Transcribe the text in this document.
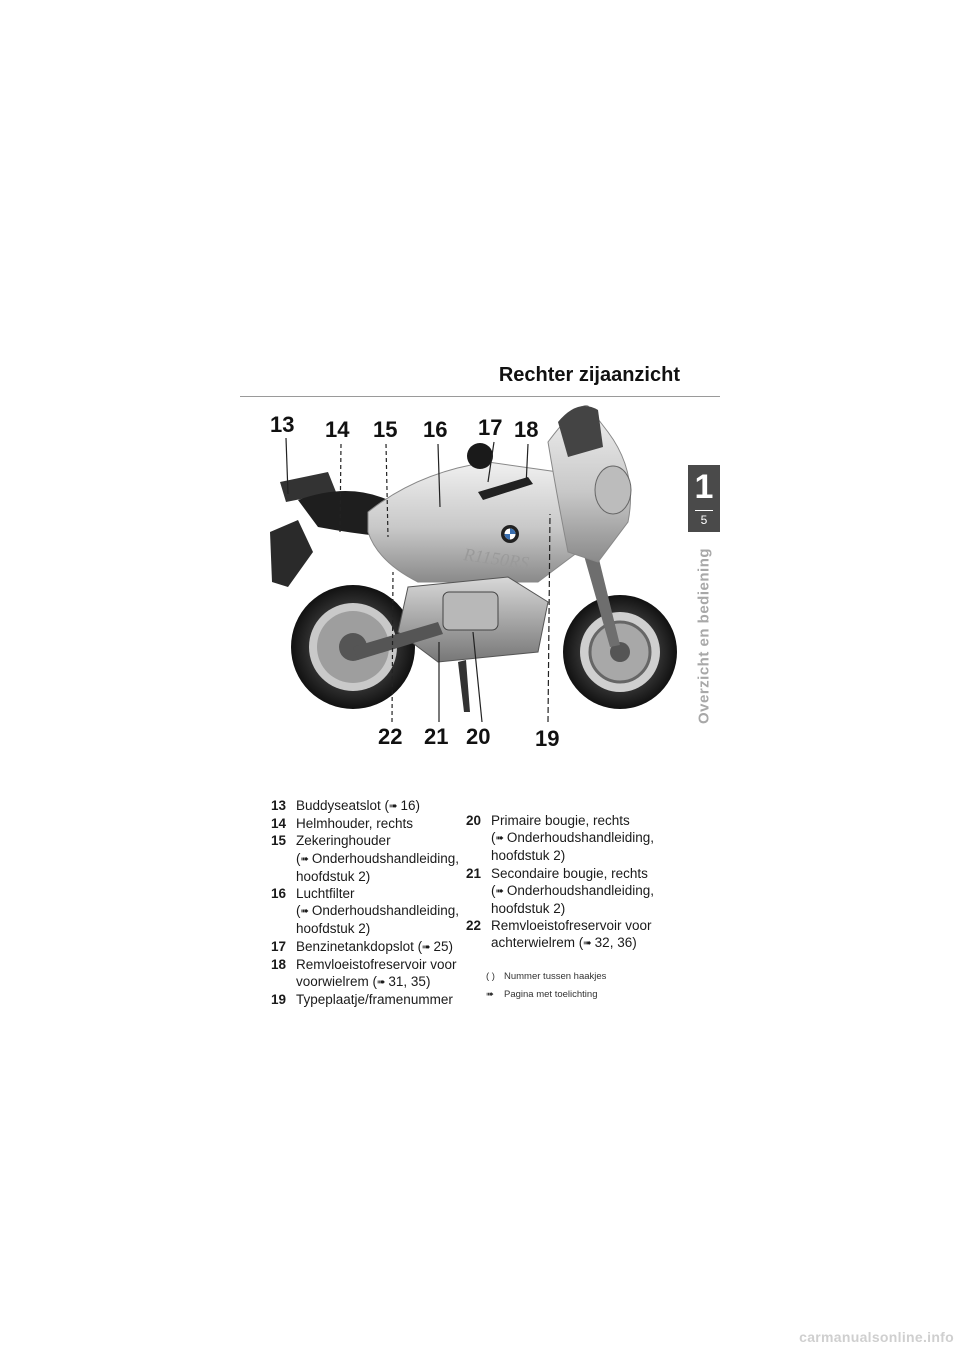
Rechter zijaanzicht
1
5
Overzicht en bediening
R1150RS
13 14 15 16 17 18
22 21 20 19
13 Buddyseatslot (➠ 16)
14 Helmhouder, rechts
15 Zekeringhouder
(➠ Onderhoudshandleiding,
hoofdstuk 2)
16 Luchtfilter
(➠ Onderhoudshandleiding,
hoofdstuk 2)
17 Benzinetankdopslot (➠ 25)
18 Remvloeistofreservoir voor
voorwielrem (➠ 31, 35)
19 Typeplaatje/framenummer
20 Primaire bougie, rechts
(➠ Onderhoudshandleiding,
hoofdstuk 2)
21 Secondaire bougie, rechts
(➠ Onderhoudshandleiding,
hoofdstuk 2)
22 Remvloeistofreservoir voor
achterwielrem (➠ 32, 36)
( ) Nummer tussen haakjes
➠ Pagina met toelichting
carmanualsonline.info
